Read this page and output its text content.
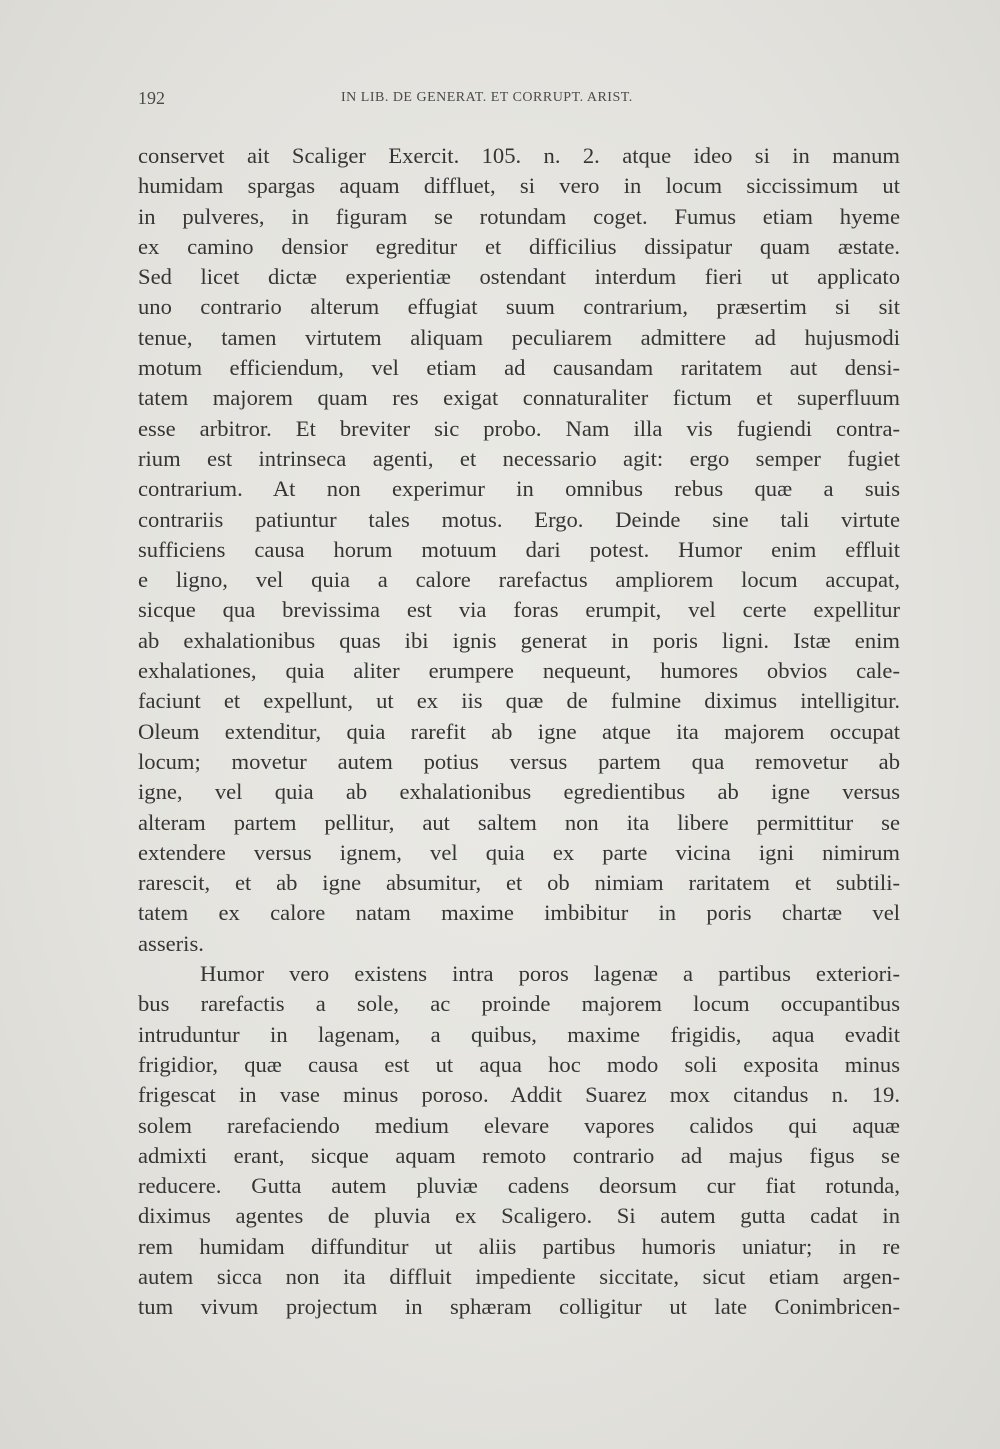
192	IN LIB. DE GENERAT. ET CORRUPT. ARIST.
conservet ait Scaliger Exercit. 105. n. 2. atque ideo si in manum
humidam spargas aquam diffluet, si vero in locum siccissimum ut
in pulveres, in figuram se rotundam coget. Fumus etiam hyeme
ex camino densior egreditur et difficilius dissipatur quam æstate.
Sed licet dictæ experientiæ ostendant interdum fieri ut applicato
uno contrario alterum effugiat suum contrarium, præsertim si sit
tenue, tamen virtutem aliquam peculiarem admittere ad hujusmodi
motum efficiendum, vel etiam ad causandam raritatem aut densi-
tatem majorem quam res exigat connaturaliter fictum et superfluum
esse arbitror. Et breviter sic probo. Nam illa vis fugiendi contra-
rium est intrinseca agenti, et necessario agit: ergo semper fugiet
contrarium. At non experimur in omnibus rebus quæ a suis
contrariis patiuntur tales motus. Ergo. Deinde sine tali virtute
sufficiens causa horum motuum dari potest. Humor enim effluit
e ligno, vel quia a calore rarefactus ampliorem locum accupat,
sicque qua brevissima est via foras erumpit, vel certe expellitur
ab exhalationibus quas ibi ignis generat in poris ligni. Istæ enim
exhalationes, quia aliter erumpere nequeunt, humores obvios cale-
faciunt et expellunt, ut ex iis quæ de fulmine diximus intelligitur.
Oleum extenditur, quia rarefit ab igne atque ita majorem occupat
locum; movetur autem potius versus partem qua removetur ab
igne, vel quia ab exhalationibus egredientibus ab igne versus
alteram partem pellitur, aut saltem non ita libere permittitur se
extendere versus ignem, vel quia ex parte vicina igni nimirum
rarescit, et ab igne absumitur, et ob nimiam raritatem et subtili-
tatem ex calore natam maxime imbibitur in poris chartæ vel
asseris.
Humor vero existens intra poros lagenæ a partibus exteriori-
bus rarefactis a sole, ac proinde majorem locum occupantibus
intruduntur in lagenam, a quibus, maxime frigidis, aqua evadit
frigidior, quæ causa est ut aqua hoc modo soli exposita minus
frigescat in vase minus poroso. Addit Suarez mox citandus n. 19.
solem rarefaciendo medium elevare vapores calidos qui aquæ
admixti erant, sicque aquam remoto contrario ad majus figus se
reducere. Gutta autem pluviæ cadens deorsum cur fiat rotunda,
diximus agentes de pluvia ex Scaligero. Si autem gutta cadat in
rem humidam diffunditur ut aliis partibus humoris uniatur; in re
autem sicca non ita diffluit impediente siccitate, sicut etiam argen-
tum vivum projectum in sphæram colligitur ut late Conimbricen-
